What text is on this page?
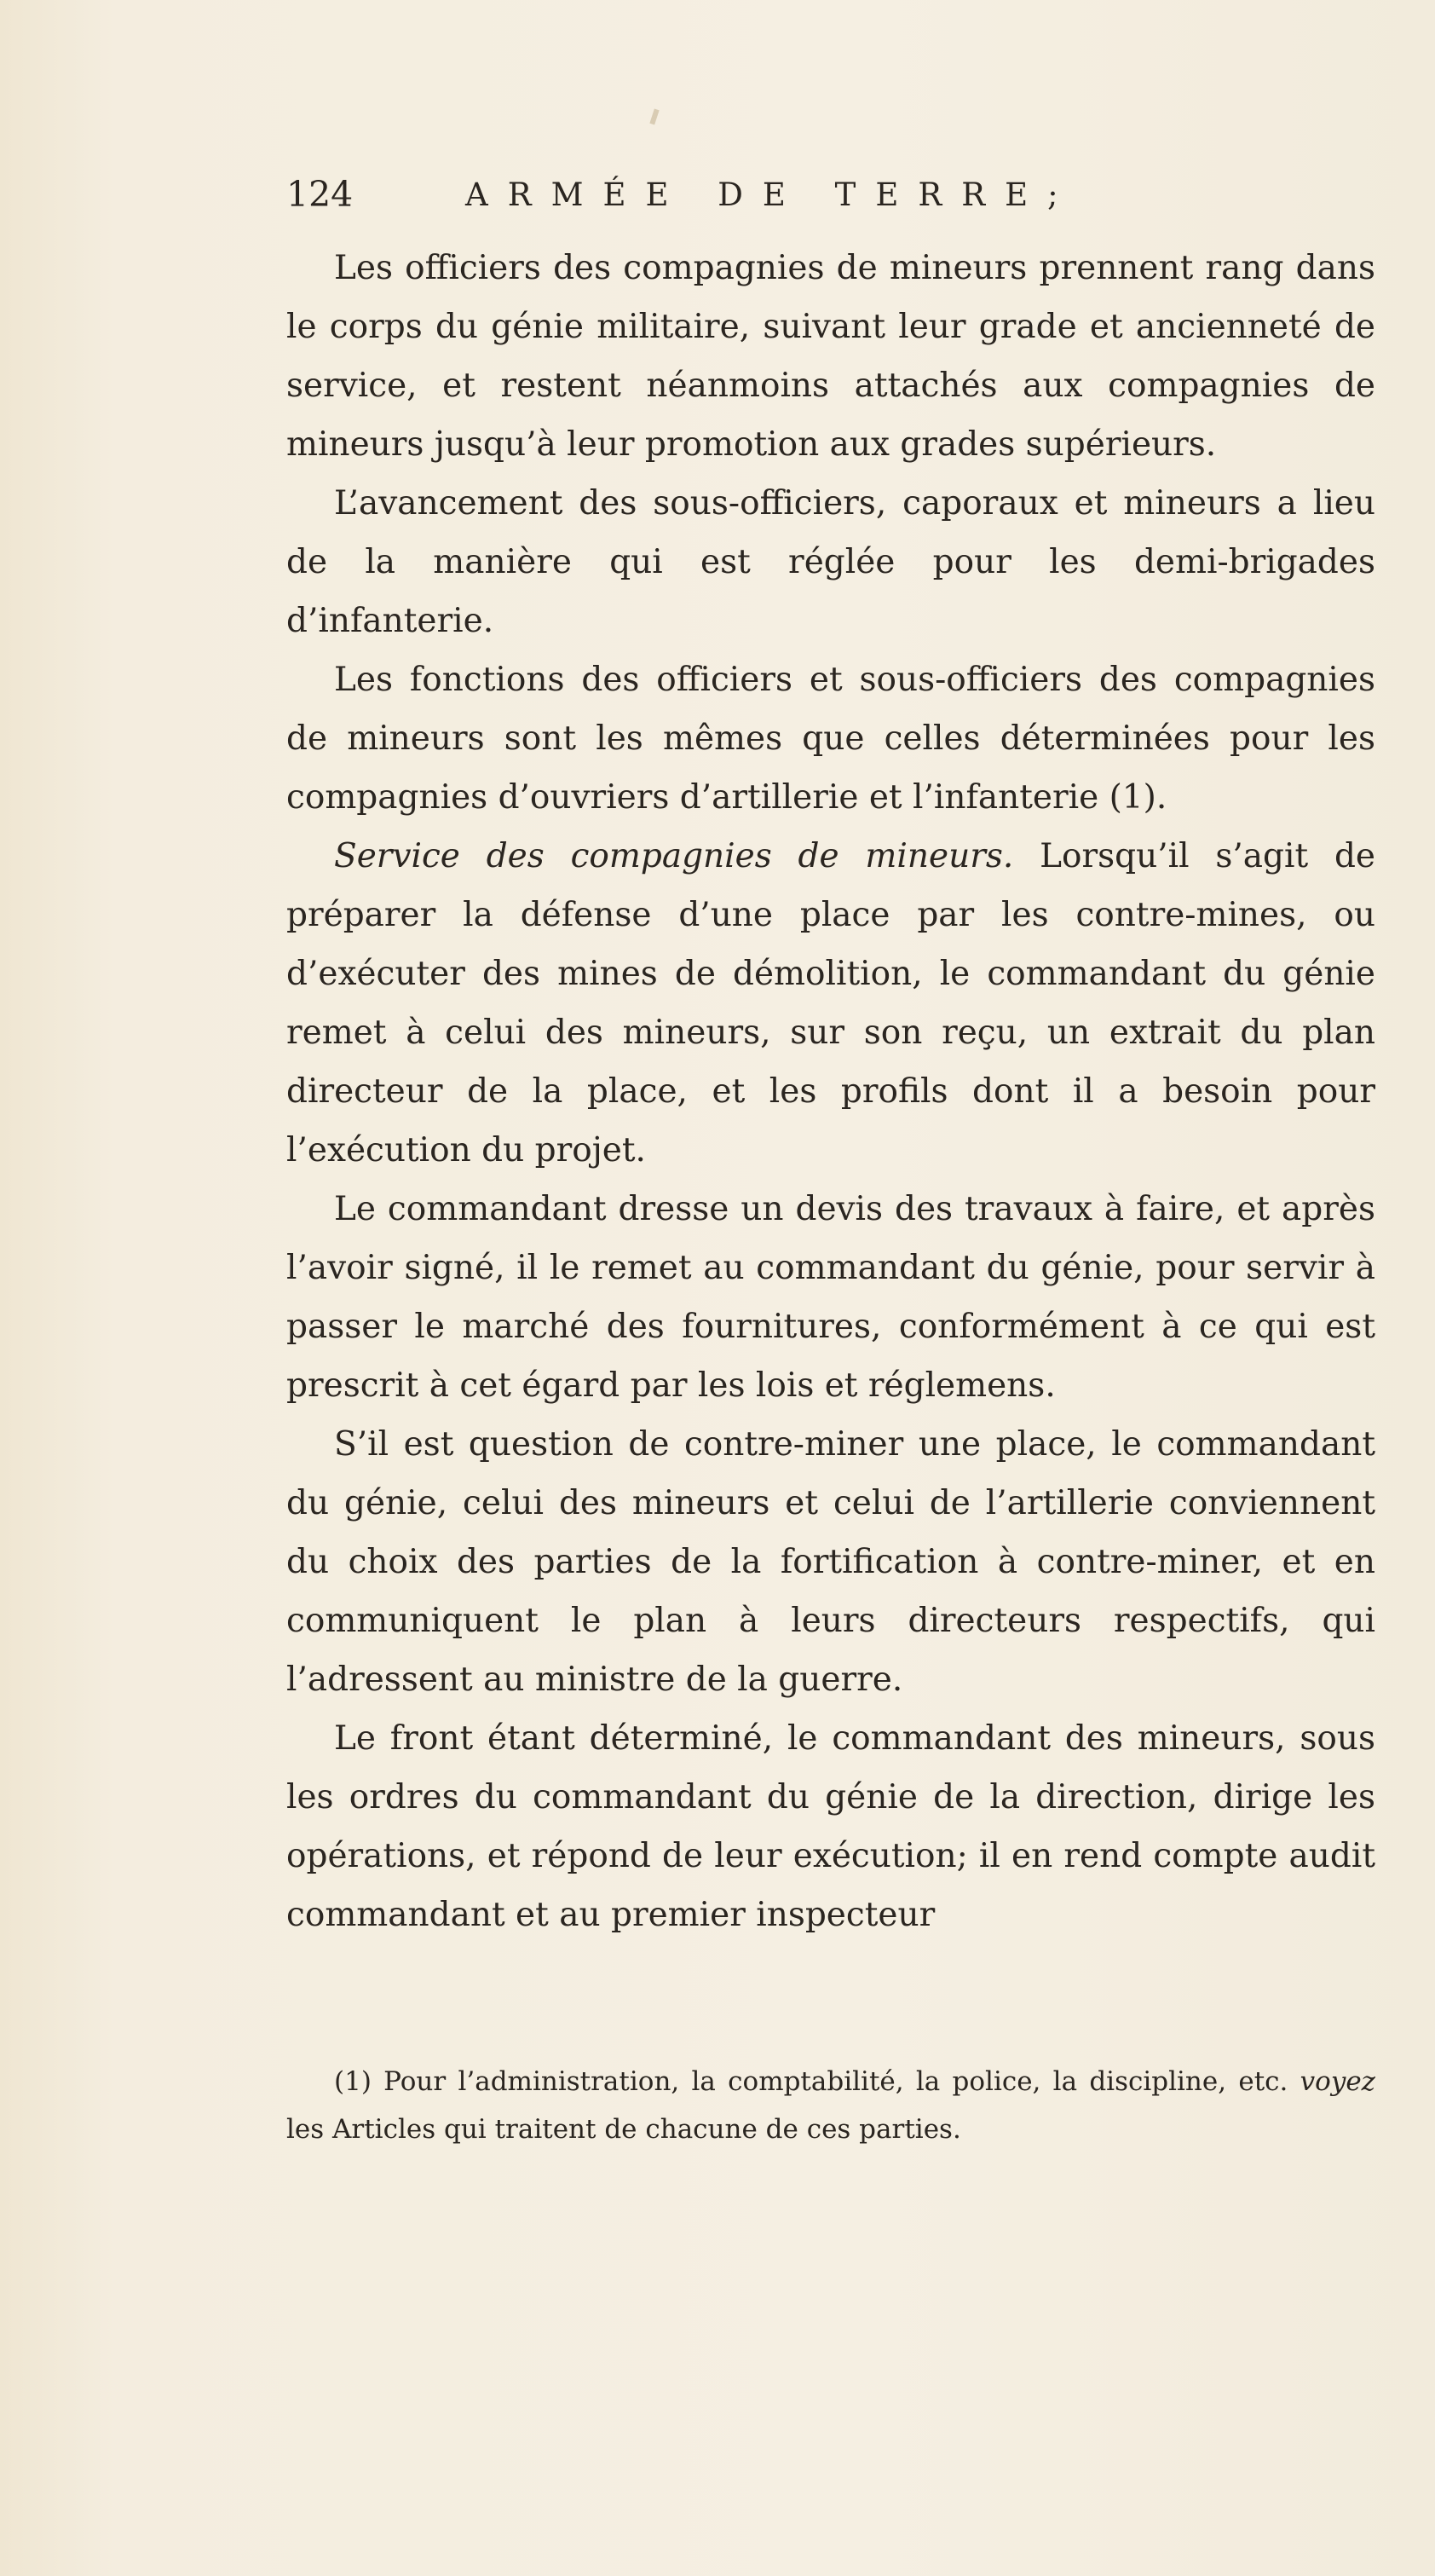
124	ARMÉE DE TERRE;

Les officiers des compagnies de mineurs prennent rang dans le corps du génie militaire, suivant leur grade et ancienneté de service, et restent néanmoins attachés aux compagnies de mineurs jusqu’à leur promotion aux grades supérieurs.

L’avancement des sous-officiers, caporaux et mineurs a lieu de la manière qui est réglée pour les demi-brigades d’infanterie.

Les fonctions des officiers et sous-officiers des compagnies de mineurs sont les mêmes que celles déterminées pour les compagnies d’ouvriers d’artillerie et l’infanterie (1).

Service des compagnies de mineurs. Lorsqu’il s’agit de préparer la défense d’une place par les contre-mines, ou d’exécuter des mines de démolition, le commandant du génie remet à celui des mineurs, sur son reçu, un extrait du plan directeur de la place, et les profils dont il a besoin pour l’exécution du projet.

Le commandant dresse un devis des travaux à faire, et après l’avoir signé, il le remet au commandant du génie, pour servir à passer le marché des fournitures, conformément à ce qui est prescrit à cet égard par les lois et réglemens.

S’il est question de contre-miner une place, le commandant du génie, celui des mineurs et celui de l’artillerie conviennent du choix des parties de la fortification à contre-miner, et en communiquent le plan à leurs directeurs respectifs, qui l’adressent au ministre de la guerre.

Le front étant déterminé, le commandant des mineurs, sous les ordres du commandant du génie de la direction, dirige les opérations, et répond de leur exécution; il en rend compte audit commandant et au premier inspecteur

(1) Pour l’administration, la comptabilité, la police, la discipline, etc. voyez les Articles qui traitent de chacune de ces parties.
